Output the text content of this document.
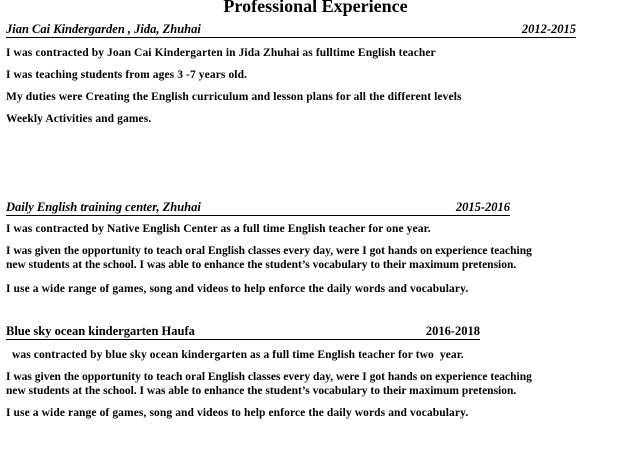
Professional Experience
Jian Cai Kindergarden , Jida, Zhuhai	2012-2015
I was contracted by Joan Cai Kindergarten in Jida Zhuhai as fulltime English teacher
I was teaching students from ages 3 -7 years old.
My duties were Creating the English curriculum and lesson plans for all the different levels
Weekly Activities and games.
Daily English training center, Zhuhai	2015-2016
I was contracted by Native English Center as a full time English teacher for one year.
I was given the opportunity to teach oral English classes every day, were I got hands on experience teaching
new students at the school. I was able to enhance the student’s vocabulary to their maximum pretension.
I use a wide range of games, song and videos to help enforce the daily words and vocabulary.
Blue sky ocean kindergarten Haufa	2016-2018
was contracted by blue sky ocean kindergarten as a full time English teacher for two  year.
I was given the opportunity to teach oral English classes every day, were I got hands on experience teaching
new students at the school. I was able to enhance the student’s vocabulary to their maximum pretension.
I use a wide range of games, song and videos to help enforce the daily words and vocabulary.
